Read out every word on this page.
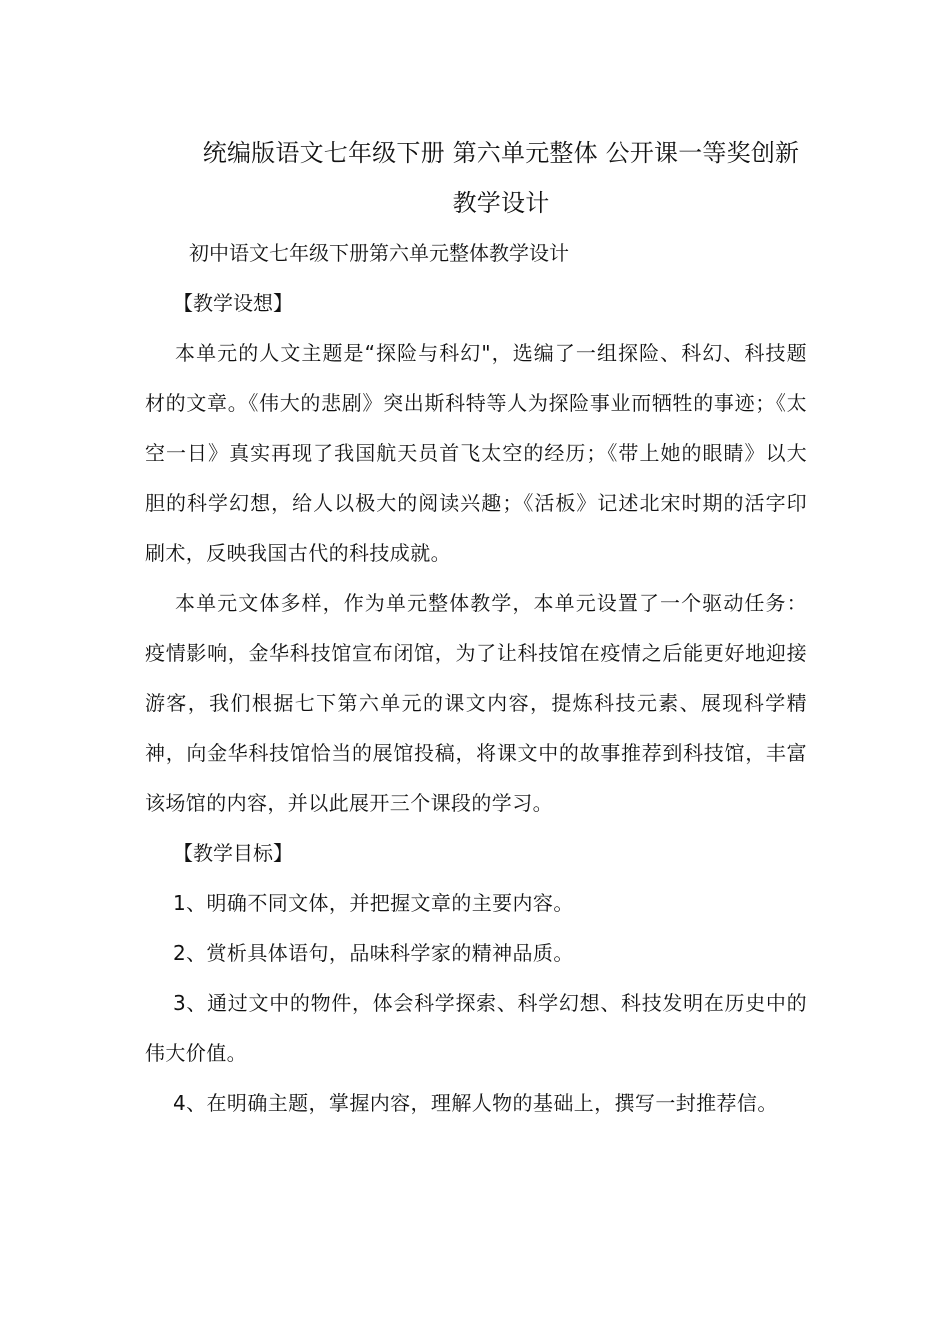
统编版语文七年级下册 第六单元整体 公开课一等奖创新教学设计

初中语文七年级下册第六单元整体教学设计

【教学设想】

本单元的人文主题是“探险与科幻"，选编了一组探险、科幻、科技题材的文章。《伟大的悲剧》突出斯科特等人为探险事业而牺牲的事迹；《太空一日》真实再现了我国航天员首飞太空的经历；《带上她的眼睛》以大胆的科学幻想，给人以极大的阅读兴趣；《活板》记述北宋时期的活字印刷术，反映我国古代的科技成就。

本单元文体多样，作为单元整体教学，本单元设置了一个驱动任务：疫情影响，金华科技馆宣布闭馆，为了让科技馆在疫情之后能更好地迎接游客，我们根据七下第六单元的课文内容，提炼科技元素、展现科学精神，向金华科技馆恰当的展馆投稿，将课文中的故事推荐到科技馆，丰富该场馆的内容，并以此展开三个课段的学习。

【教学目标】

1、明确不同文体，并把握文章的主要内容。

2、赏析具体语句，品味科学家的精神品质。

3、通过文中的物件，体会科学探索、科学幻想、科技发明在历史中的伟大价值。

4、在明确主题，掌握内容，理解人物的基础上，撰写一封推荐信。
